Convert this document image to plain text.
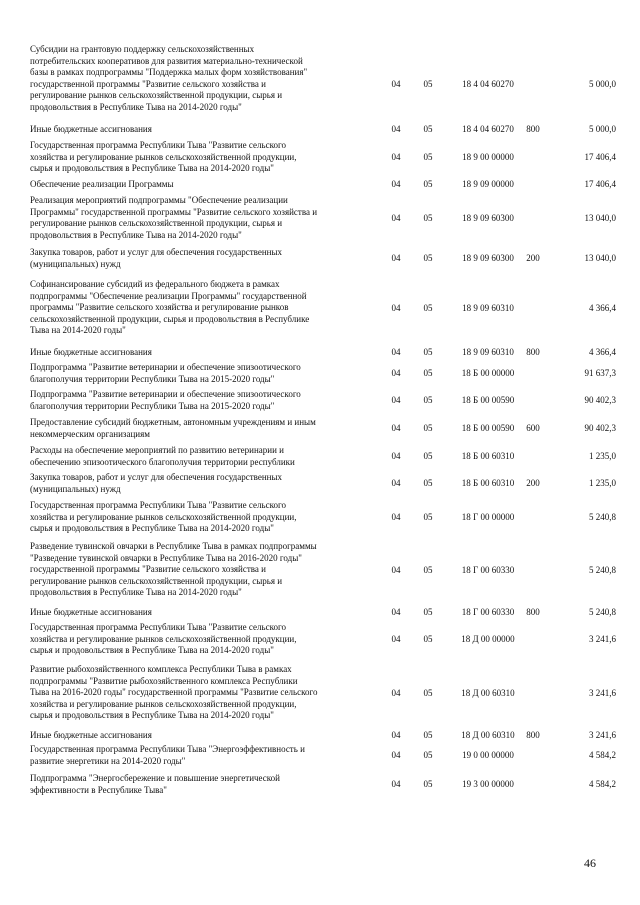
Субсидии на грантовую поддержку сельскохозяйственных
потребительских кооперативов для развития материально-технической
базы в рамках подпрограммы "Поддержка малых форм хозяйствования"
государственной программы "Развитие сельского хозяйства и
регулирование рынков сельскохозяйственной продукции, сырья и
продовольствия в Республике Тыва на 2014-2020 годы"
04	05	18 4 04 60270	5 000,0
Иные бюджетные ассигнования	04	05	18 4 04 60270	800	5 000,0
Государственная программа Республики Тыва "Развитие сельского
хозяйства и регулирование рынков сельскохозяйственной продукции,
сырья и продовольствия в Республике Тыва на 2014-2020 годы"
04	05	18 9 00 00000	17 406,4
Обеспечение реализации Программы	04	05	18 9 09 00000	17 406,4
Реализация мероприятий подпрограммы "Обеспечение реализации
Программы" государственной программы "Развитие сельского хозяйства и
регулирование рынков сельскохозяйственной продукции, сырья и
продовольствия в Республике Тыва на 2014-2020 годы"
04	05	18 9 09 60300	13 040,0
Закупка товаров, работ и услуг для обеспечения государственных
(муниципальных) нужд
04	05	18 9 09 60300	200	13 040,0
Софинансирование субсидий из федерального бюджета в рамках
подпрограммы "Обеспечение реализации Программы" государственной
программы "Развитие сельского хозяйства и регулирование рынков
сельскохозяйственной продукции, сырья и продовольствия в Республике
Тыва на 2014-2020 годы"
04	05	18 9 09 60310	4 366,4
Иные бюджетные ассигнования	04	05	18 9 09 60310	800	4 366,4
Подпрограмма "Развитие ветеринарии и обеспечение эпизоотического
благополучия территории Республики Тыва на 2015-2020 годы"
04	05	18 Б 00 00000	91 637,3
Подпрограмма "Развитие ветеринарии и обеспечение эпизоотического
благополучия территории Республики Тыва на 2015-2020 годы"
04	05	18 Б 00 00590	90 402,3
Предоставление субсидий бюджетным, автономным учреждениям и иным
некоммерческим организациям
04	05	18 Б 00 00590	600	90 402,3
Расходы на обеспечение мероприятий по развитию ветеринарии и
обеспечению эпизоотического благополучия территории республики
04	05	18 Б 00 60310	1 235,0
Закупка товаров, работ и услуг для обеспечения государственных
(муниципальных) нужд
04	05	18 Б 00 60310	200	1 235,0
Государственная программа Республики Тыва "Развитие сельского
хозяйства и регулирование рынков сельскохозяйственной продукции,
сырья и продовольствия в Республике Тыва на 2014-2020 годы"
04	05	18 Г 00 00000	5 240,8
Разведение тувинской овчарки в Республике Тыва в рамках подпрограммы
"Разведение тувинской овчарки в Республике Тыва на 2016-2020 годы"
государственной программы "Развитие сельского хозяйства и
регулирование рынков сельскохозяйственной продукции, сырья и
продовольствия в Республике Тыва на 2014-2020 годы"
04	05	18 Г 00 60330	5 240,8
Иные бюджетные ассигнования	04	05	18 Г 00 60330	800	5 240,8
Государственная программа Республики Тыва "Развитие сельского
хозяйства и регулирование рынков сельскохозяйственной продукции,
сырья и продовольствия в Республике Тыва на 2014-2020 годы"
04	05	18 Д 00 00000	3 241,6
Развитие рыбохозяйственного комплекса Республики Тыва в рамках
подпрограммы "Развитие рыбохозяйственного комплекса Республики
Тыва на 2016-2020 годы" государственной программы "Развитие сельского
хозяйства и регулирование рынков сельскохозяйственной продукции,
сырья и продовольствия в Республике Тыва на 2014-2020 годы"
04	05	18 Д 00 60310	3 241,6
Иные бюджетные ассигнования	04	05	18 Д 00 60310	800	3 241,6
Государственная программа Республики Тыва "Энергоэффективность и
развитие энергетики на 2014-2020 годы"
04	05	19 0 00 00000	4 584,2
Подпрограмма "Энергосбережение и повышение энергетической
эффективности в Республике Тыва"
04	05	19 3 00 00000	4 584,2
46
